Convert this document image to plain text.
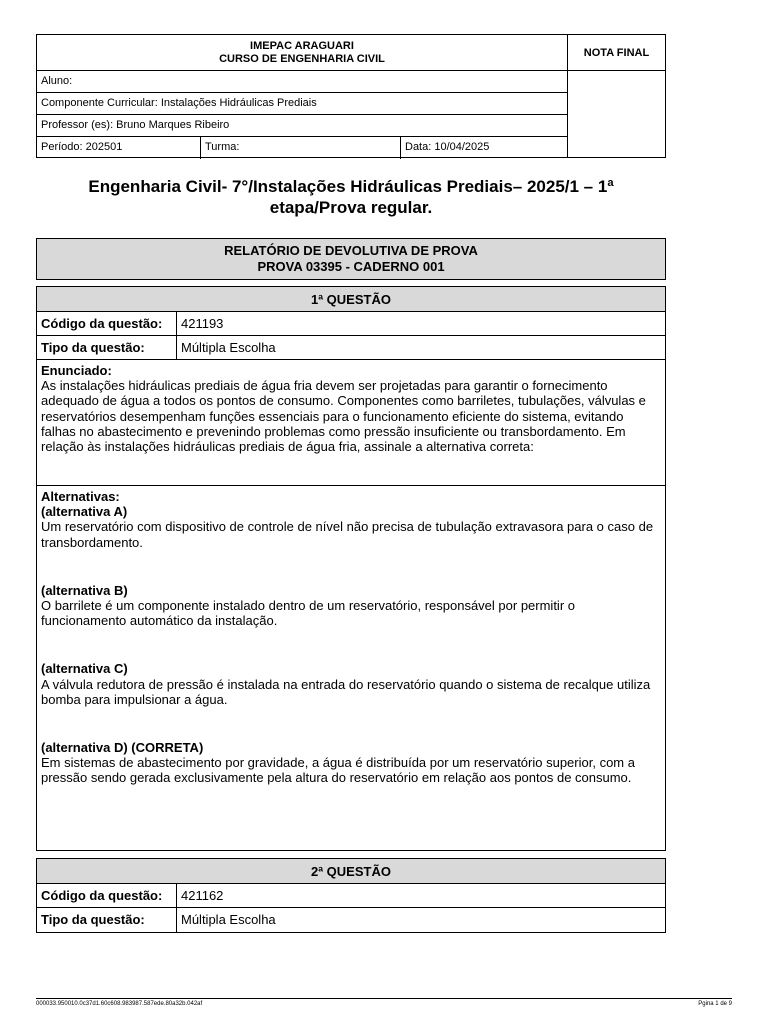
IMEPAC ARAGUARI
CURSO DE ENGENHARIA CIVIL
Aluno:
Componente Curricular: Instalações Hidráulicas Prediais
Professor (es): Bruno Marques Ribeiro
Período: 202501	Turma:	Data: 10/04/2025
NOTA FINAL
Engenharia Civil- 7°/Instalações Hidráulicas Prediais– 2025/1 – 1ª
etapa/Prova regular.
RELATÓRIO DE DEVOLUTIVA DE PROVA
PROVA 03395 - CADERNO 001
1ª QUESTÃO
Código da questão:	421193
Tipo da questão:	Múltipla Escolha
Enunciado:
As instalações hidráulicas prediais de água fria devem ser projetadas para garantir o fornecimento adequado de água a todos os pontos de consumo. Componentes como barriletes, tubulações, válvulas e reservatórios desempenham funções essenciais para o funcionamento eficiente do sistema, evitando falhas no abastecimento e prevenindo problemas como pressão insuficiente ou transbordamento. Em relação às instalações hidráulicas prediais de água fria, assinale a alternativa correta:
Alternativas:
(alternativa A)
Um reservatório com dispositivo de controle de nível não precisa de tubulação extravasora para o caso de transbordamento.
(alternativa B)
O barrilete é um componente instalado dentro de um reservatório, responsável por permitir o funcionamento automático da instalação.
(alternativa C)
A válvula redutora de pressão é instalada na entrada do reservatório quando o sistema de recalque utiliza bomba para impulsionar a água.
(alternativa D) (CORRETA)
Em sistemas de abastecimento por gravidade, a água é distribuída por um reservatório superior, com a pressão sendo gerada exclusivamente pela altura do reservatório em relação aos pontos de consumo.
2ª QUESTÃO
Código da questão:	421162
Tipo da questão:	Múltipla Escolha
000033.950010.0c37d1.60c608.983987.587ede.80a32b.042af	Pgina 1 de 9
